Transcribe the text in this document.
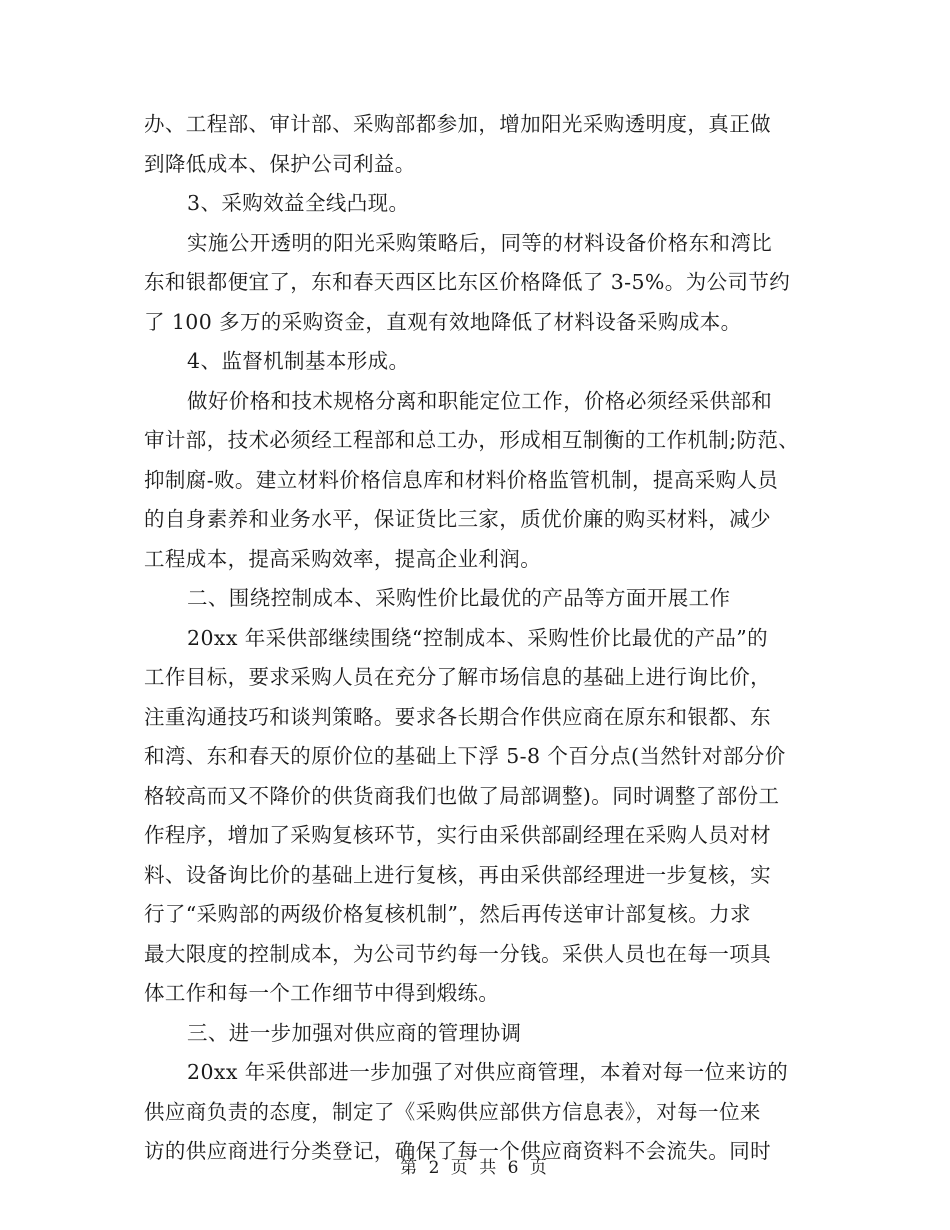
办、工程部、审计部、采购部都参加，增加阳光采购透明度，真正做
到降低成本、保护公司利益。
3、采购效益全线凸现。
实施公开透明的阳光采购策略后，同等的材料设备价格东和湾比
东和银都便宜了，东和春天西区比东区价格降低了 3-5%。为公司节约
了 100 多万的采购资金，直观有效地降低了材料设备采购成本。
4、监督机制基本形成。
做好价格和技术规格分离和职能定位工作，价格必须经采供部和
审计部，技术必须经工程部和总工办，形成相互制衡的工作机制;防范、
抑制腐-败。建立材料价格信息库和材料价格监管机制，提高采购人员
的自身素养和业务水平，保证货比三家，质优价廉的购买材料，减少
工程成本，提高采购效率，提高企业利润。
二、围绕控制成本、采购性价比最优的产品等方面开展工作
20xx 年采供部继续围绕“控制成本、采购性价比最优的产品”的
工作目标，要求采购人员在充分了解市场信息的基础上进行询比价，
注重沟通技巧和谈判策略。要求各长期合作供应商在原东和银都、东
和湾、东和春天的原价位的基础上下浮 5-8 个百分点(当然针对部分价
格较高而又不降价的供货商我们也做了局部调整)。同时调整了部份工
作程序，增加了采购复核环节，实行由采供部副经理在采购人员对材
料、设备询比价的基础上进行复核，再由采供部经理进一步复核，实
行了“采购部的两级价格复核机制”，然后再传送审计部复核。力求
最大限度的控制成本，为公司节约每一分钱。采供人员也在每一项具
体工作和每一个工作细节中得到煅练。
三、进一步加强对供应商的管理协调
20xx 年采供部进一步加强了对供应商管理，本着对每一位来访的
供应商负责的态度，制定了《采购供应部供方信息表》，对每一位来
访的供应商进行分类登记，确保了每一个供应商资料不会流失。同时
第 2 页 共 6 页
